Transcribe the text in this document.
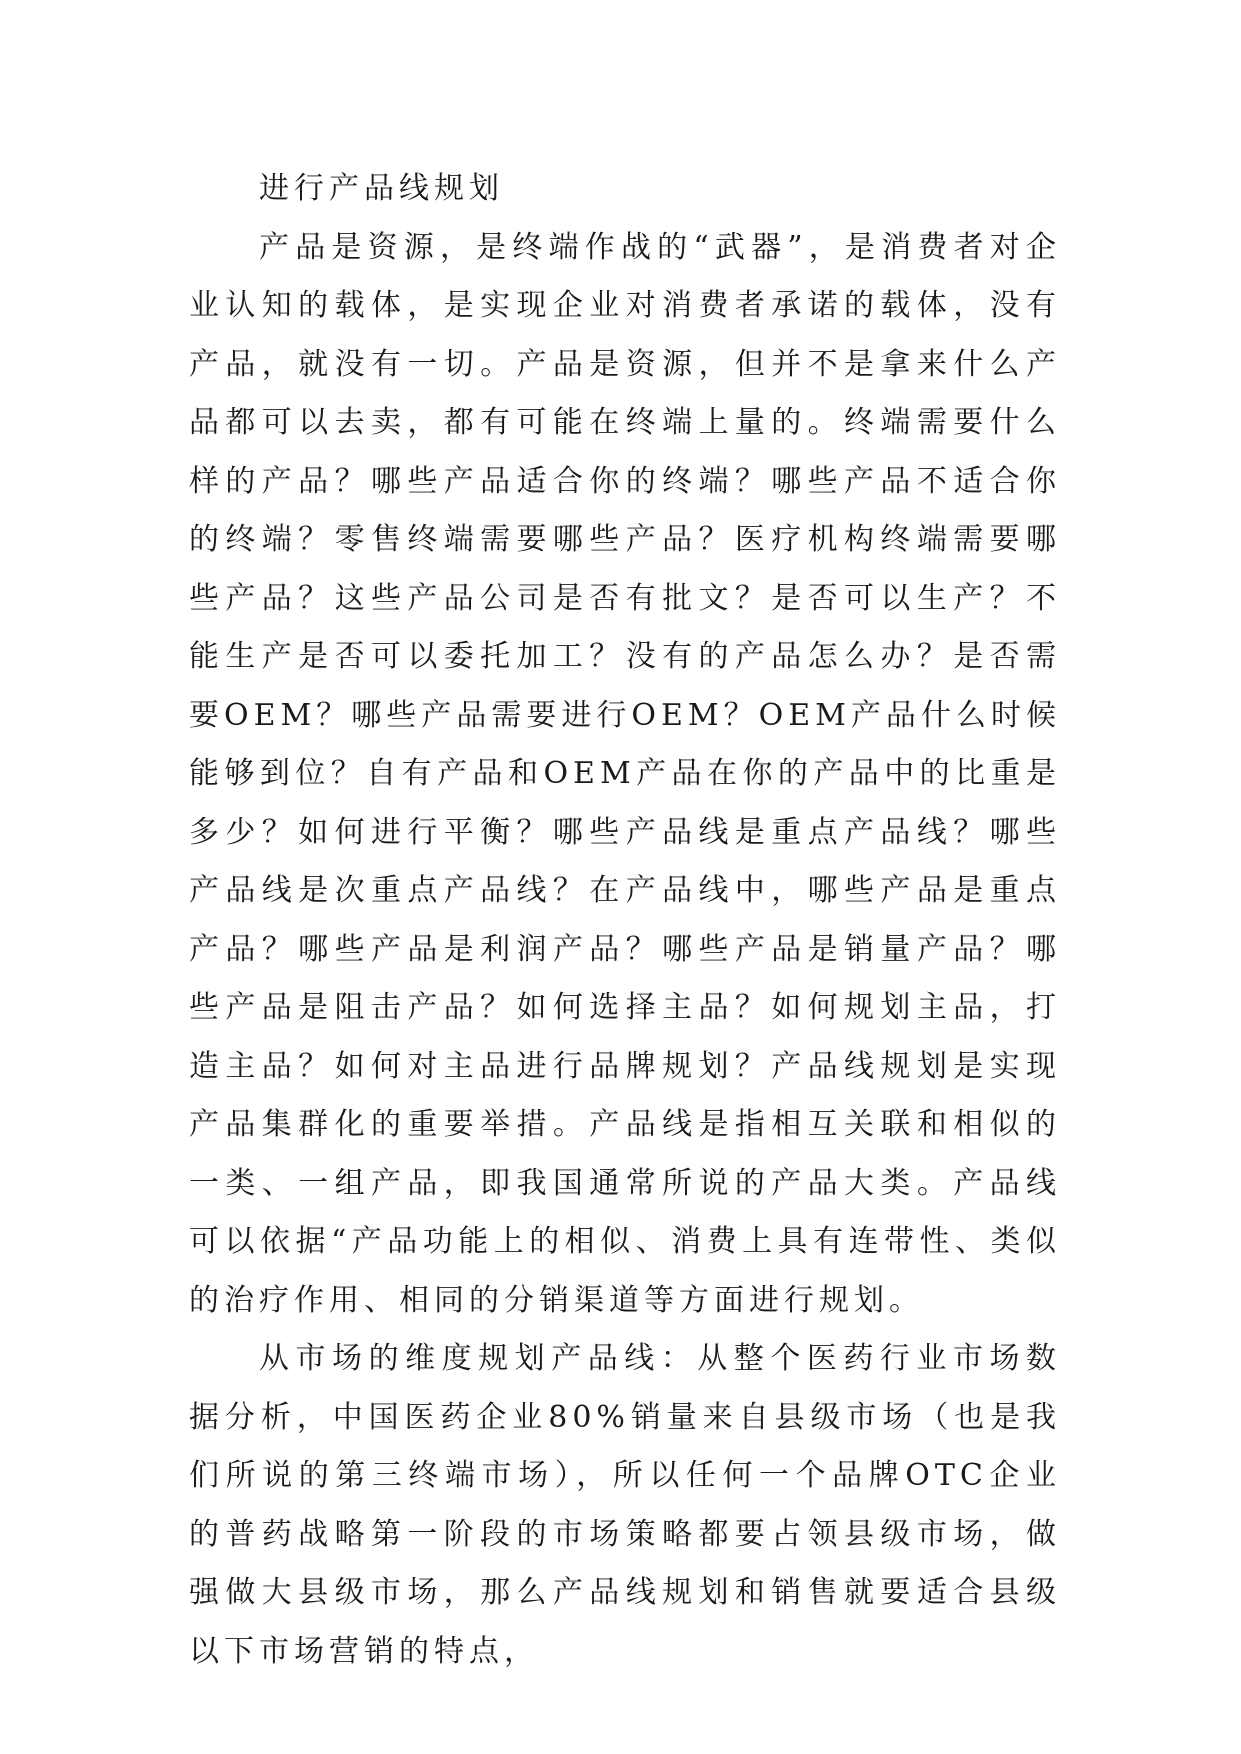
进行产品线规划

产品是资源，是终端作战的“武器”，是消费者对企业认知的载体，是实现企业对消费者承诺的载体，没有产品，就没有一切。产品是资源，但并不是拿来什么产品都可以去卖，都有可能在终端上量的。终端需要什么样的产品？哪些产品适合你的终端？哪些产品不适合你的终端？零售终端需要哪些产品？医疗机构终端需要哪些产品？这些产品公司是否有批文？是否可以生产？不能生产是否可以委托加工？没有的产品怎么办？是否需要OEM？哪些产品需要进行OEM？OEM产品什么时候能够到位？自有产品和OEM产品在你的产品中的比重是多少？如何进行平衡？哪些产品线是重点产品线？哪些产品线是次重点产品线？在产品线中，哪些产品是重点产品？哪些产品是利润产品？哪些产品是销量产品？哪些产品是阻击产品？如何选择主品？如何规划主品，打造主品？如何对主品进行品牌规划？产品线规划是实现产品集群化的重要举措。产品线是指相互关联和相似的一类、一组产品，即我国通常所说的产品大类。产品线可以依据“产品功能上的相似、消费上具有连带性、类似的治疗作用、相同的分销渠道等方面进行规划。

从市场的维度规划产品线：从整个医药行业市场数据分析，中国医药企业80%销量来自县级市场（也是我们所说的第三终端市场），所以任何一个品牌OTC企业的普药战略第一阶段的市场策略都要占领县级市场，做强做大县级市场，那么产品线规划和销售就要适合县级以下市场营销的特点，
